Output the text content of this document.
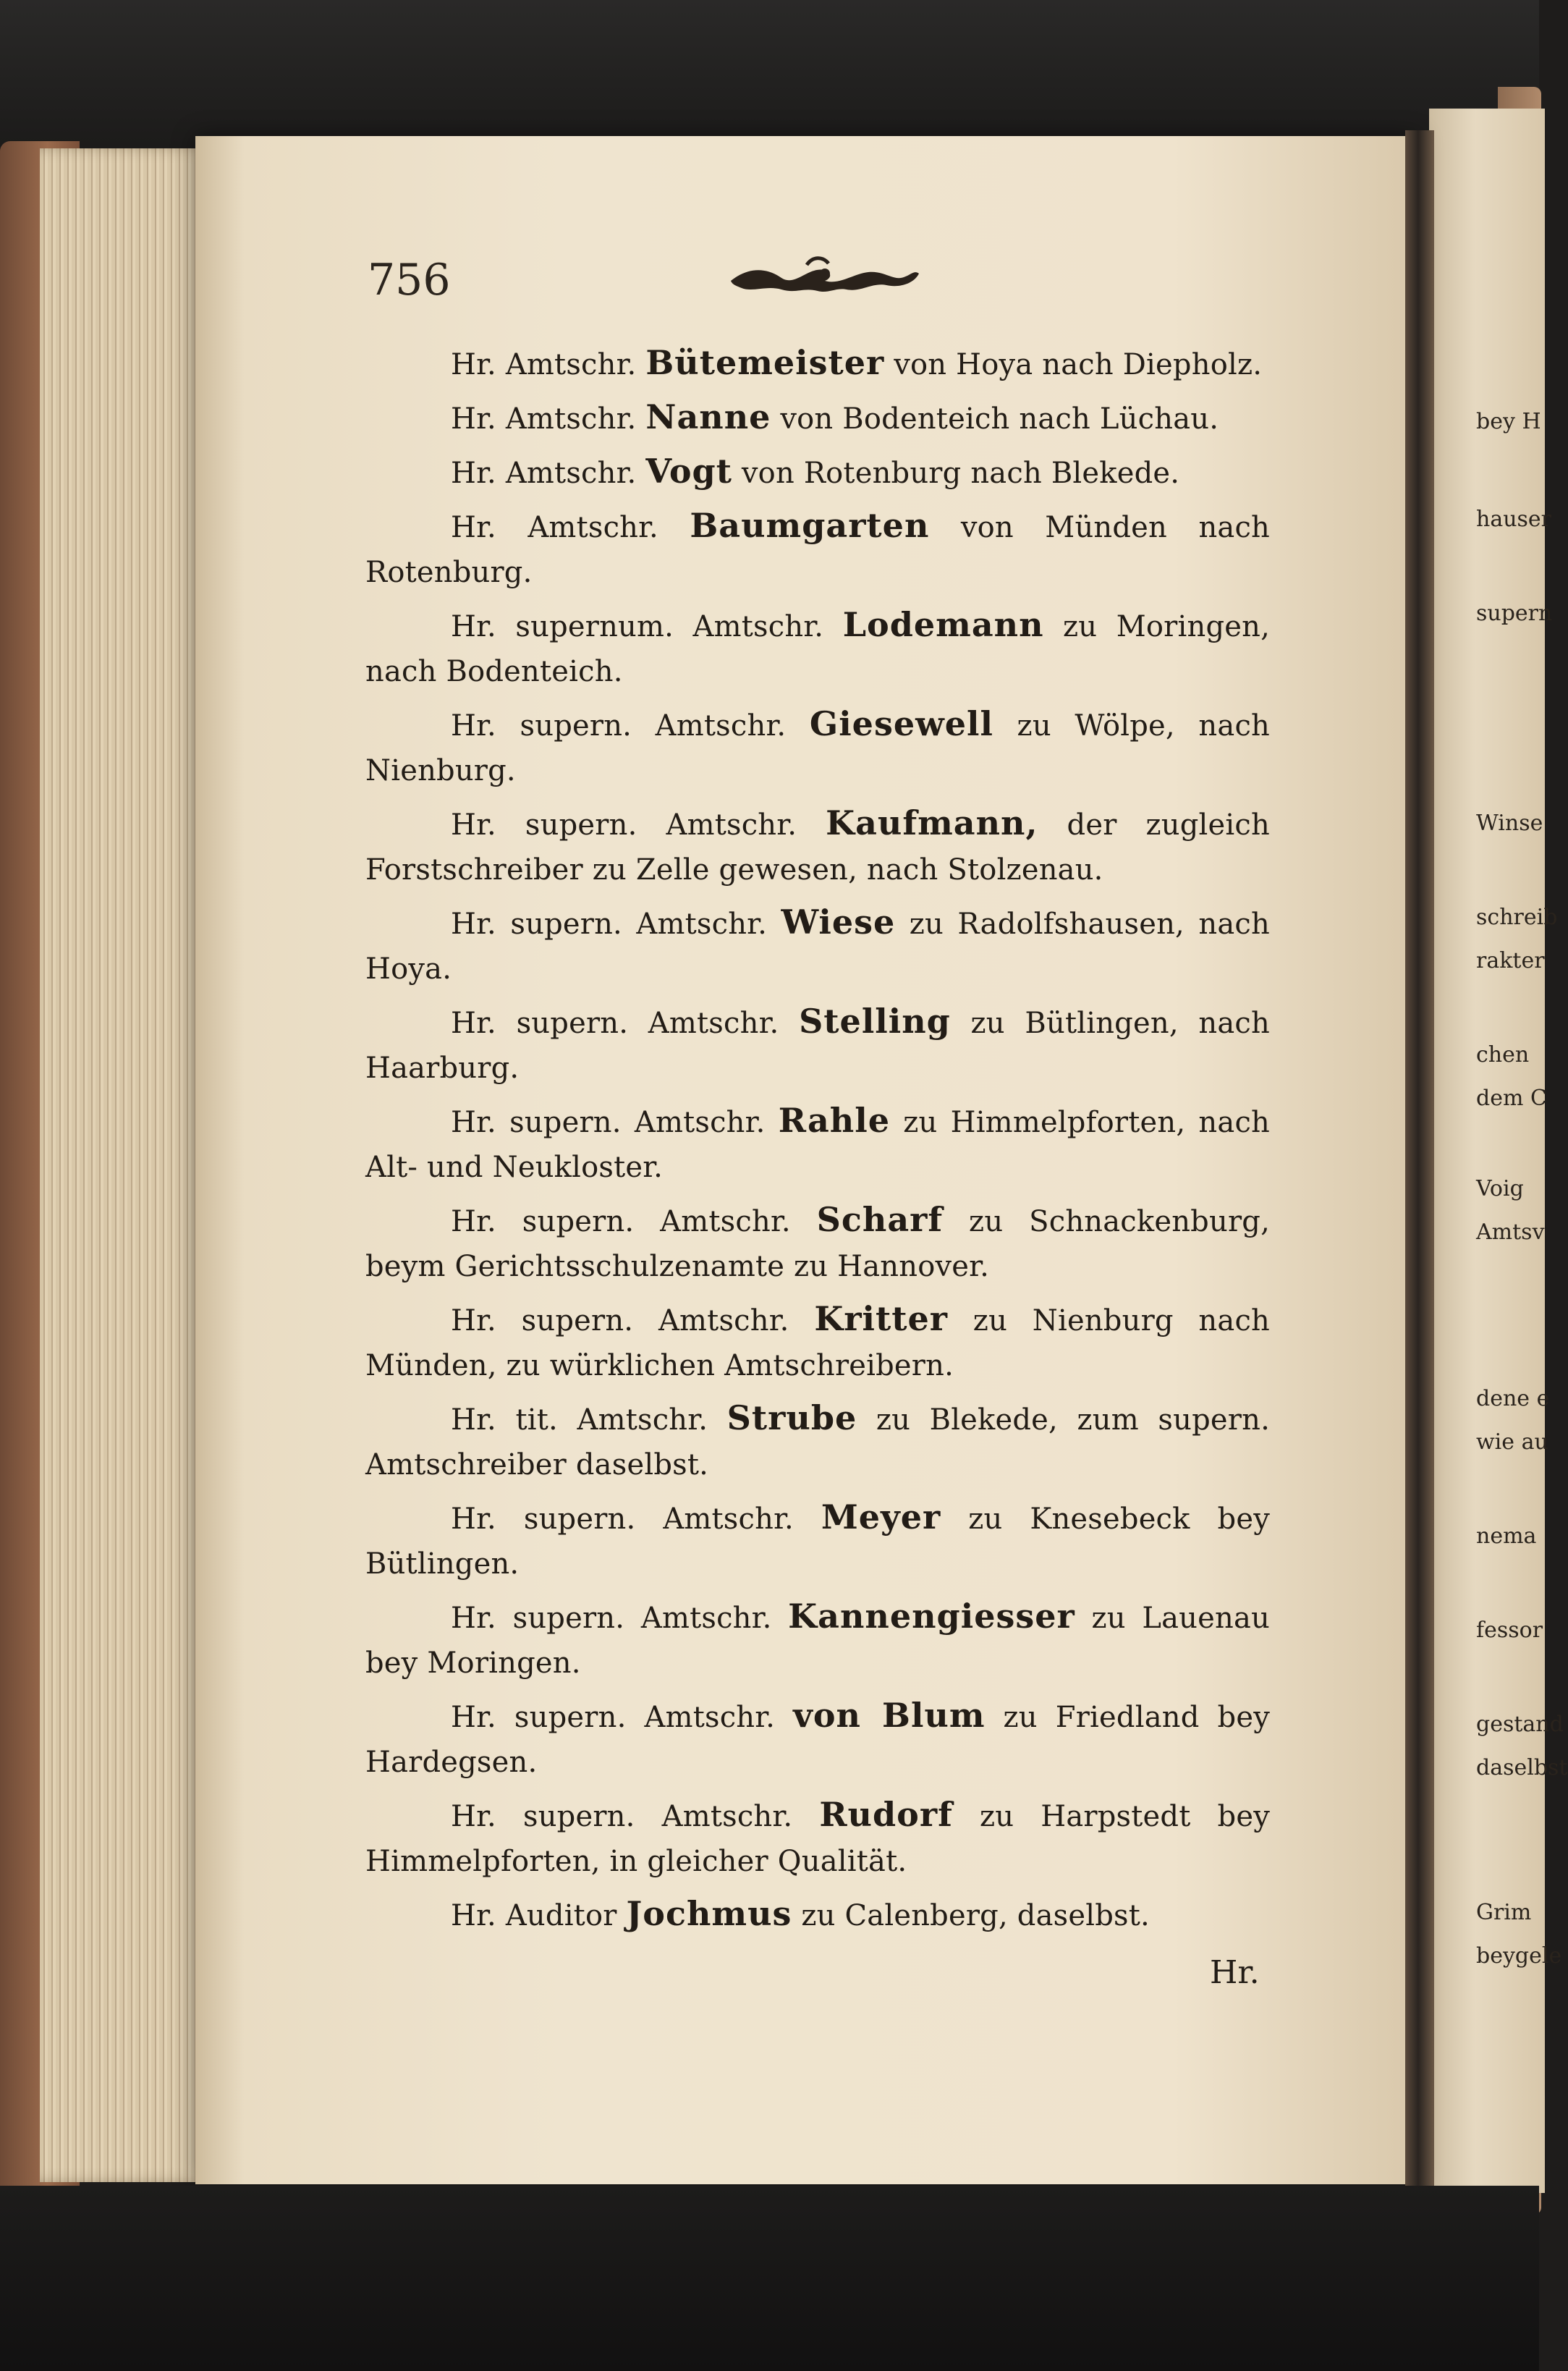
756

Hr. Amtschr. Bütemeister von Hoya nach Diepholz.

Hr. Amtschr. Nanne von Bodenteich nach Lüchau.

Hr. Amtschr. Vogt von Rotenburg nach Blekede.

Hr. Amtschr. Baumgarten von Münden nach Rotenburg.

Hr. supernum. Amtschr. Lodemann zu Moringen, nach Bodenteich.

Hr. supern. Amtschr. Giesewell zu Wölpe, nach Nienburg.

Hr. supern. Amtschr. Kaufmann, der zugleich Forstschreiber zu Zelle gewesen, nach Stolzenau.

Hr. supern. Amtschr. Wiese zu Radolfshausen, nach Hoya.

Hr. supern. Amtschr. Stelling zu Bütlingen, nach Haarburg.

Hr. supern. Amtschr. Rahle zu Himmelpforten, nach Alt- und Neukloster.

Hr. supern. Amtschr. Scharf zu Schnackenburg, beym Gerichtsschulzenamte zu Hannover.

Hr. supern. Amtschr. Kritter zu Nienburg nach Münden, zu würklichen Amtschreibern.

Hr. tit. Amtschr. Strube zu Blekede, zum supern. Amtschreiber daselbst.

Hr. supern. Amtschr. Meyer zu Knesebeck bey Bütlingen.

Hr. supern. Amtschr. Kannengiesser zu Lauenau bey Moringen.

Hr. supern. Amtschr. von Blum zu Friedland bey Hardegsen.

Hr. supern. Amtschr. Rudorf zu Harpstedt bey Himmelpforten, in gleicher Qualität.

Hr. Auditor Jochmus zu Calenberg, daselbst.

Hr.
bey H
hauser
supern
Winse
schreib
rakter
chen
dem C
Voig
Amtsv
dene e
wie au
nema
fessor
gestand
daselbst
Grim
beygele
